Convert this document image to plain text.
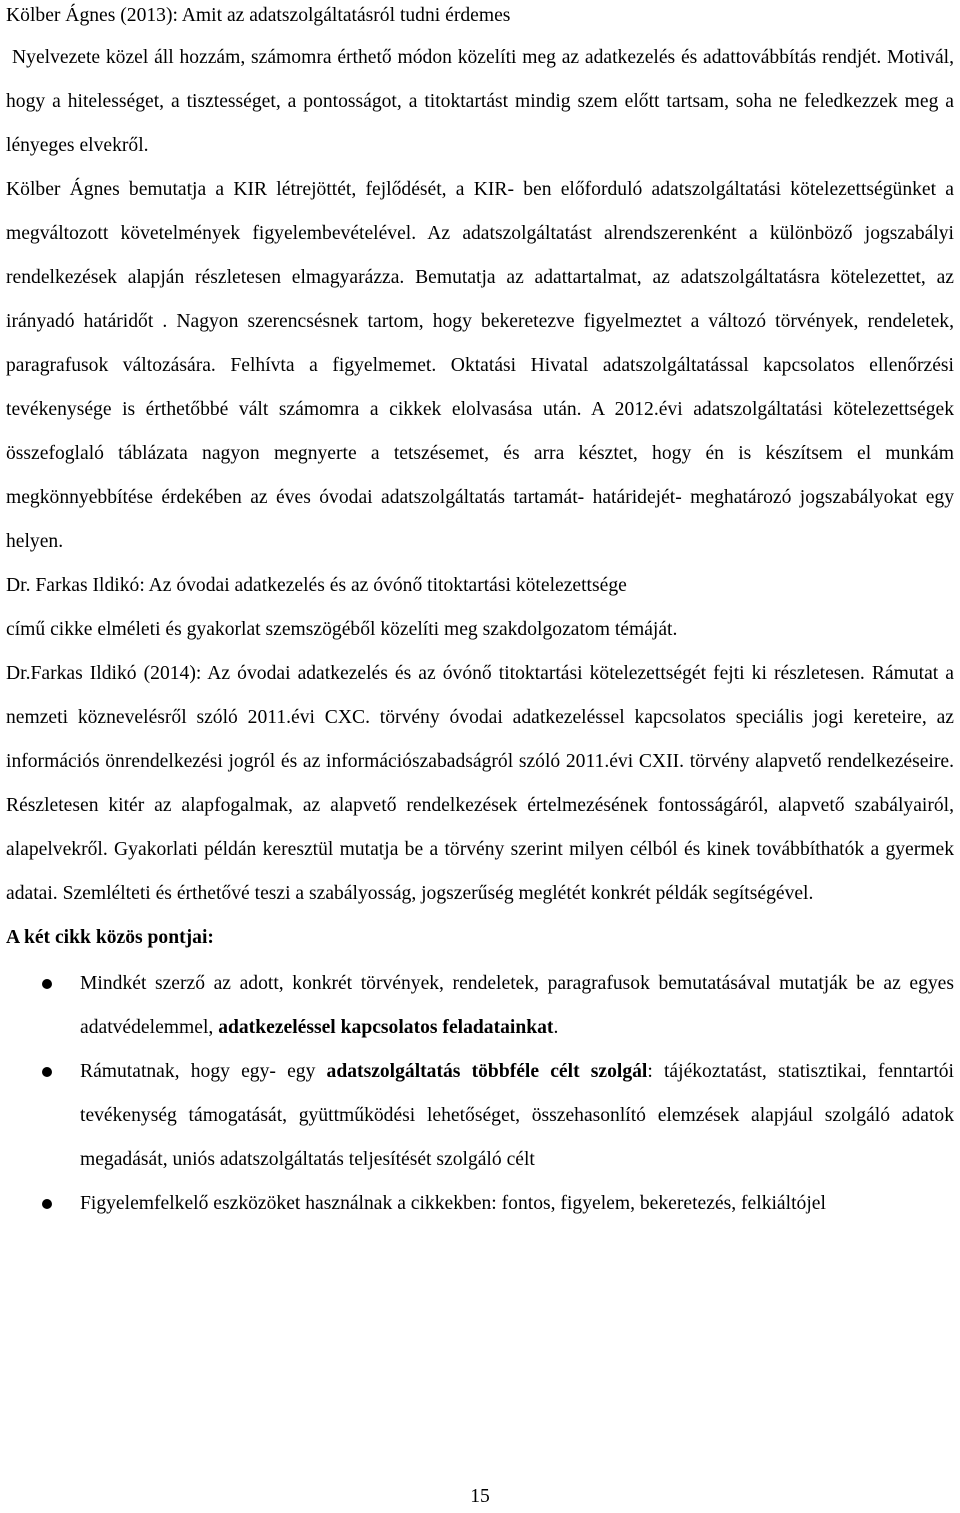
Kölber Ágnes (2013): Amit az adatszolgáltatásról tudni érdemes

Nyelvezete közel áll hozzám, számomra érthető módon közelíti meg az adatkezelés és adattovábbítás rendjét. Motivál, hogy a hitelességet, a tisztességet, a pontosságot, a titoktartást mindig szem előtt tartsam, soha ne feledkezzek meg a lényeges elvekről.

Kölber Ágnes bemutatja a KIR létrejöttét, fejlődését, a KIR- ben előforduló adatszolgáltatási kötelezettségünket a megváltozott követelmények figyelembevételével. Az adatszolgáltatást alrendszerenként a különböző jogszabályi rendelkezések alapján részletesen elmagyarázza. Bemutatja az adattartalmat, az adatszolgáltatásra kötelezettet, az irányadó határidőt . Nagyon szerencsésnek tartom, hogy bekeretezve figyelmeztet a változó törvények, rendeletek, paragrafusok változására. Felhívta a figyelmemet. Oktatási Hivatal adatszolgáltatással kapcsolatos ellenőrzési tevékenysége is érthetőbbé vált számomra a cikkek elolvasása után. A 2012.évi adatszolgáltatási kötelezettségek összefoglaló táblázata nagyon megnyerte a tetszésemet, és arra késztet, hogy én is készítsem el munkám megkönnyebbítése érdekében az éves óvodai adatszolgáltatás tartamát- határidejét- meghatározó jogszabályokat egy helyen.

Dr. Farkas Ildikó: Az óvodai adatkezelés és az óvónő titoktartási kötelezettsége

című cikke elméleti és gyakorlat szemszögéből közelíti meg szakdolgozatom témáját.

Dr.Farkas Ildikó (2014): Az óvodai adatkezelés és az óvónő titoktartási kötelezettségét fejti ki részletesen. Rámutat a nemzeti köznevelésről szóló 2011.évi CXC. törvény óvodai adatkezeléssel kapcsolatos speciális jogi kereteire, az információs önrendelkezési jogról és az információszabadságról szóló 2011.évi CXII. törvény alapvető rendelkezéseire. Részletesen kitér az alapfogalmak, az alapvető rendelkezések értelmezésének fontosságáról, alapvető szabályairól, alapelvekről. Gyakorlati példán keresztül mutatja be a törvény szerint milyen célból és kinek továbbíthatók a gyermek adatai. Szemlélteti és érthetővé teszi a szabályosság, jogszerűség meglétét konkrét példák segítségével.

A két cikk közös pontjai:

Mindkét szerző az adott, konkrét törvények, rendeletek, paragrafusok bemutatásával mutatják be az egyes adatvédelemmel, adatkezeléssel kapcsolatos feladatainkat.
Rámutatnak, hogy egy- egy adatszolgáltatás többféle célt szolgál: tájékoztatást, statisztikai, fenntartói tevékenység támogatását, gyüttműködési lehetőséget, összehasonlító elemzések alapjául szolgáló adatok megadását, uniós adatszolgáltatás teljesítését szolgáló célt
Figyelemfelkelő eszközöket használnak a cikkekben: fontos, figyelem, bekeretezés, felkiáltójel
15
